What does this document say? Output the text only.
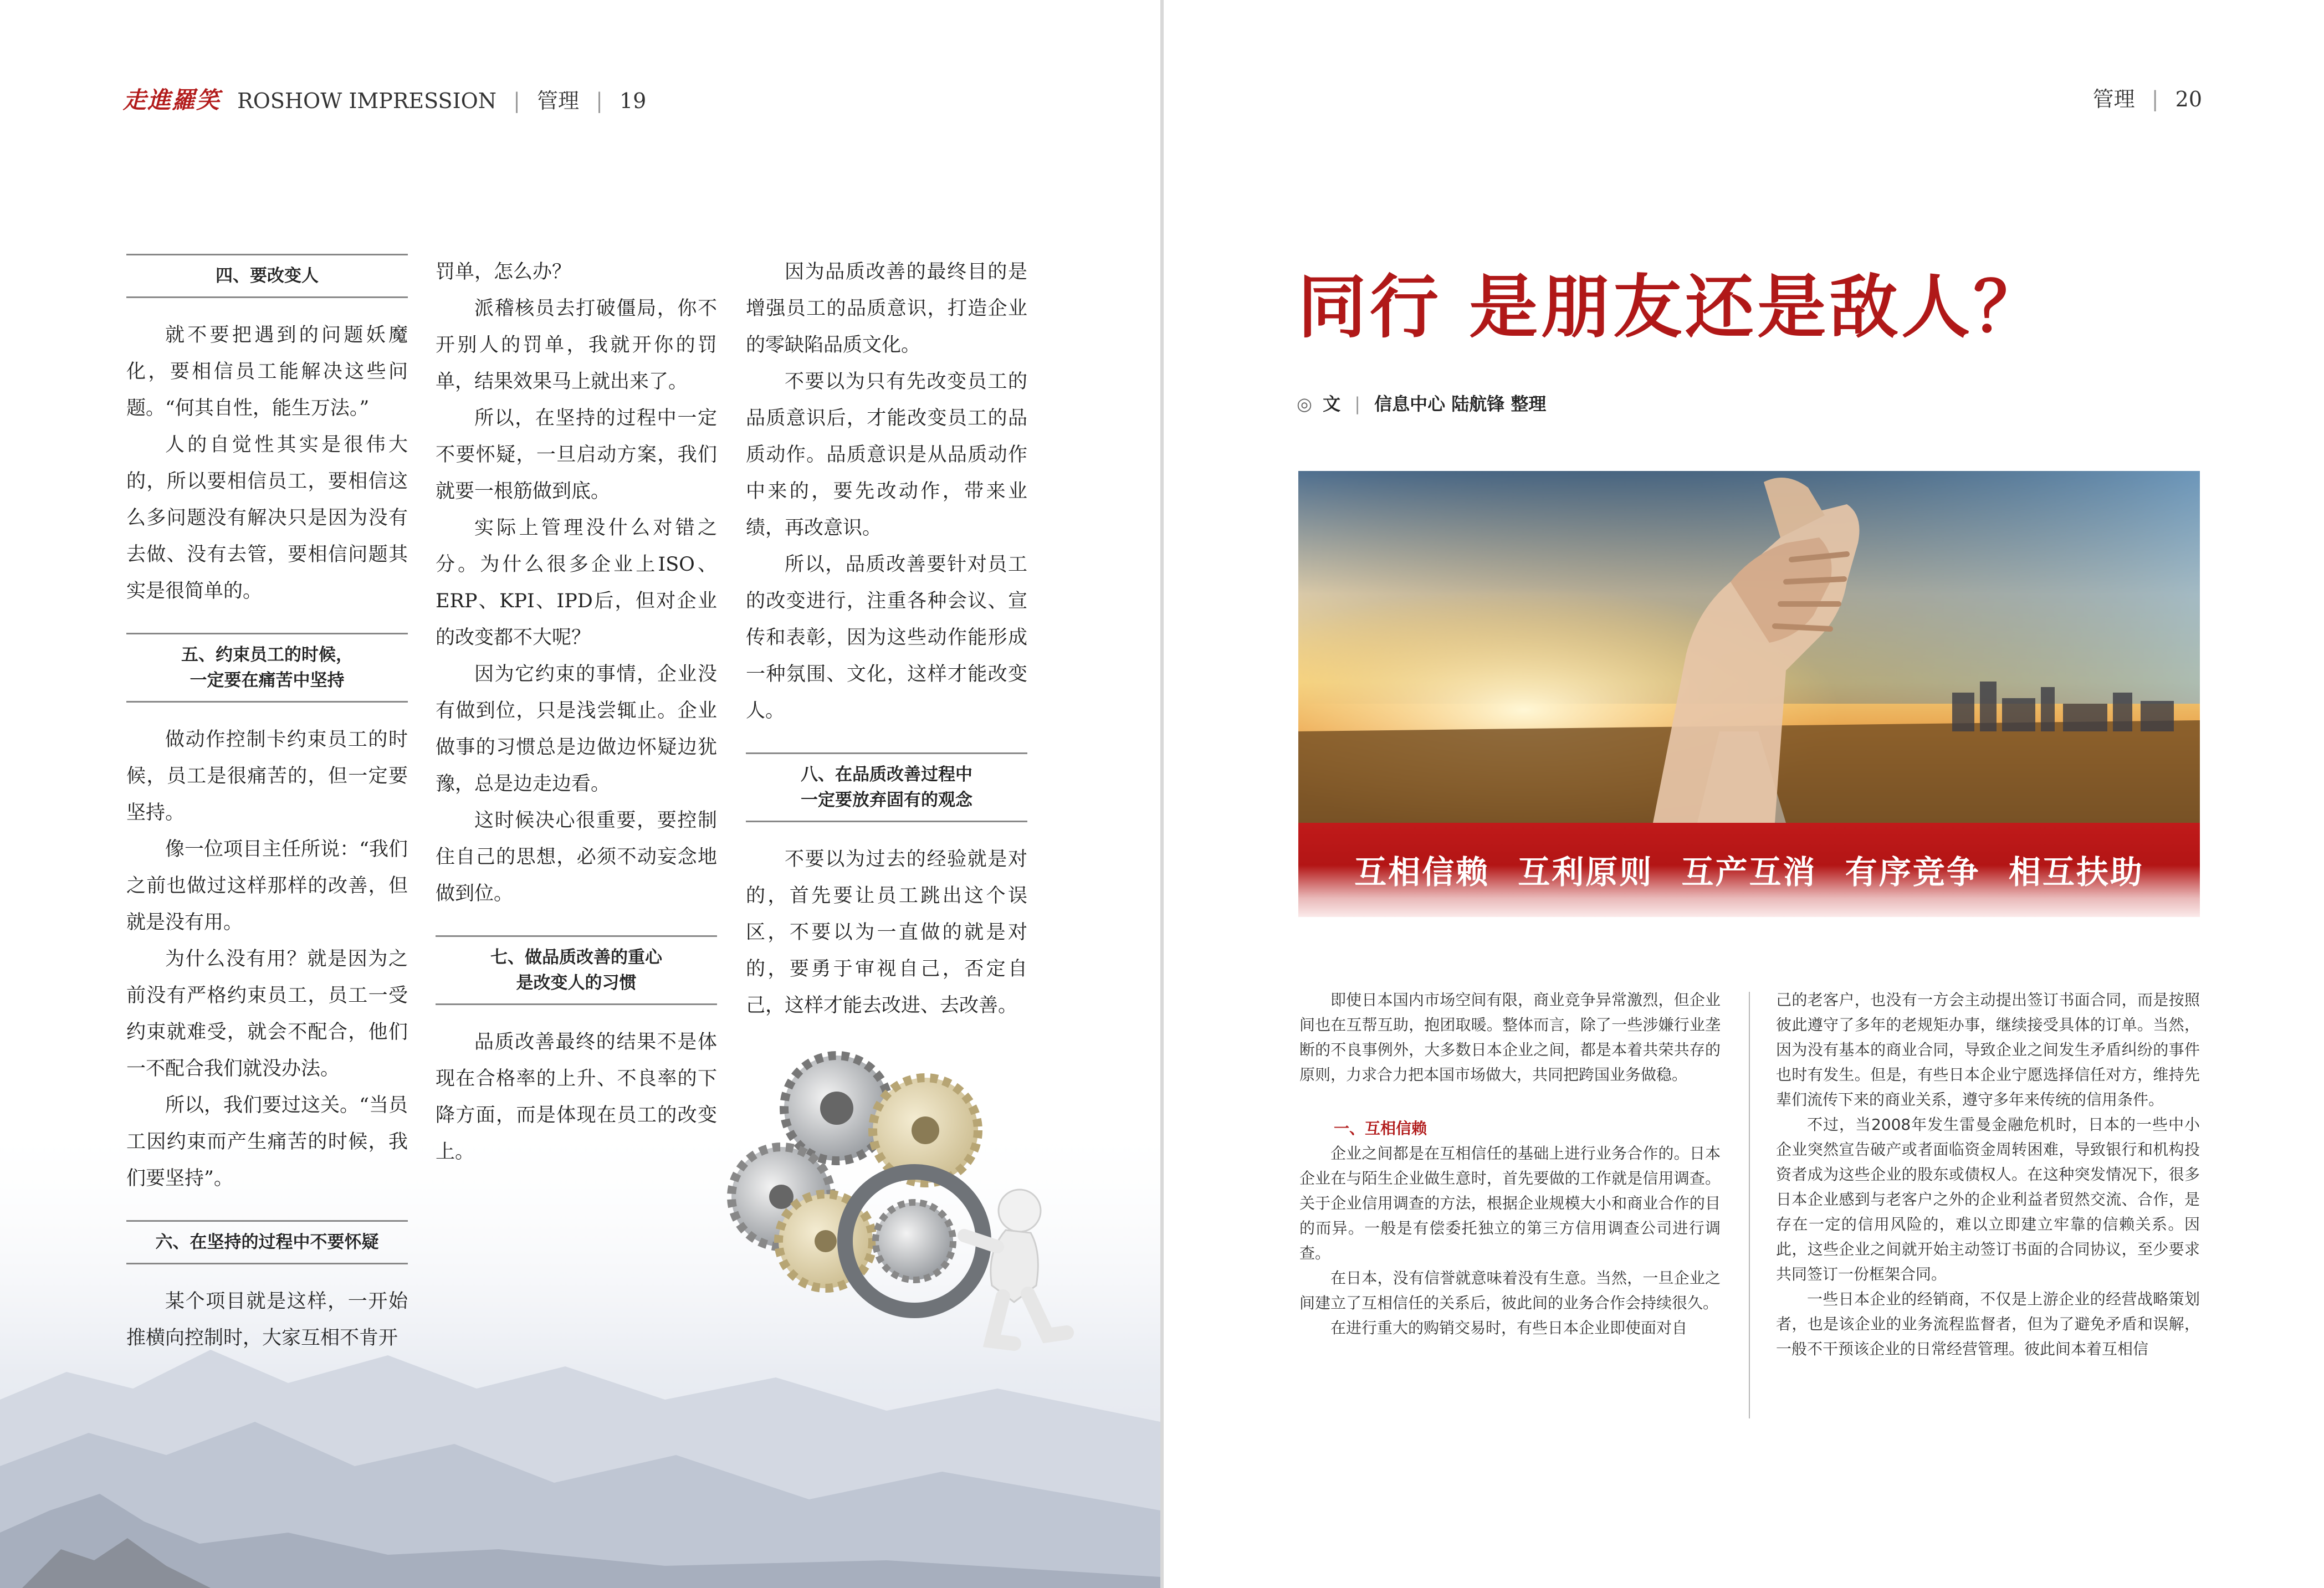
走進羅笑 ROSHOW IMPRESSION | 管理 | 19
四、要改变人

就不要把遇到的问题妖魔化，要相信员工能解决这些问题。“何其自性，能生万法。”

人的自觉性其实是很伟大的，所以要相信员工，要相信这么多问题没有解决只是因为没有去做、没有去管，要相信问题其实是很简单的。

五、约束员工的时候，
一定要在痛苦中坚持

做动作控制卡约束员工的时候，员工是很痛苦的，但一定要坚持。

像一位项目主任所说：“我们之前也做过这样那样的改善，但就是没有用。

为什么没有用？就是因为之前没有严格约束员工，员工一受约束就难受，就会不配合，他们一不配合我们就没办法。

所以，我们要过这关。“当员工因约束而产生痛苦的时候，我们要坚持”。

六、在坚持的过程中不要怀疑

某个项目就是这样，一开始推横向控制时，大家互相不肯开

罚单，怎么办？

派稽核员去打破僵局，你不开别人的罚单，我就开你的罚单，结果效果马上就出来了。

所以，在坚持的过程中一定不要怀疑，一旦启动方案，我们就要一根筋做到底。

实际上管理没什么对错之分。为什么很多企业上ISO、ERP、KPI、IPD后，但对企业的改变都不大呢？

因为它约束的事情，企业没有做到位，只是浅尝辄止。企业做事的习惯总是边做边怀疑边犹豫，总是边走边看。

这时候决心很重要，要控制住自己的思想，必须不动妄念地做到位。

七、做品质改善的重心
是改变人的习惯

品质改善最终的结果不是体现在合格率的上升、不良率的下降方面，而是体现在员工的改变上。

因为品质改善的最终目的是增强员工的品质意识，打造企业的零缺陷品质文化。

不要以为只有先改变员工的品质意识后，才能改变员工的品质动作。品质意识是从品质动作中来的，要先改动作，带来业绩，再改意识。

所以，品质改善要针对员工的改变进行，注重各种会议、宣传和表彰，因为这些动作能形成一种氛围、文化，这样才能改变人。

八、在品质改善过程中
一定要放弃固有的观念

不要以为过去的经验就是对的，首先要让员工跳出这个误区，不要以为一直做的就是对的，要勇于审视自己，否定自己，这样才能去改进、去改善。

管理 | 20
同行 是朋友还是敌人？
◎ 文 | 信息中心 陆航锋 整理
互相信赖 互利原则 互产互消 有序竞争 相互扶助

即使日本国内市场空间有限，商业竞争异常激烈，但企业间也在互帮互助，抱团取暖。整体而言，除了一些涉嫌行业垄断的不良事例外，大多数日本企业之间，都是本着共荣共存的原则，力求合力把本国市场做大，共同把跨国业务做稳。

一、互相信赖

企业之间都是在互相信任的基础上进行业务合作的。日本企业在与陌生企业做生意时，首先要做的工作就是信用调查。关于企业信用调查的方法，根据企业规模大小和商业合作的目的而异。一般是有偿委托独立的第三方信用调查公司进行调查。

在日本，没有信誉就意味着没有生意。当然，一旦企业之间建立了互相信任的关系后，彼此间的业务合作会持续很久。

在进行重大的购销交易时，有些日本企业即使面对自

己的老客户，也没有一方会主动提出签订书面合同，而是按照彼此遵守了多年的老规矩办事，继续接受具体的订单。当然，因为没有基本的商业合同，导致企业之间发生矛盾纠纷的事件也时有发生。但是，有些日本企业宁愿选择信任对方，维持先辈们流传下来的商业关系，遵守多年来传统的信用条件。

不过，当2008年发生雷曼金融危机时，日本的一些中小企业突然宣告破产或者面临资金周转困难，导致银行和机构投资者成为这些企业的股东或债权人。在这种突发情况下，很多日本企业感到与老客户之外的企业利益者贸然交流、合作，是存在一定的信用风险的，难以立即建立牢靠的信赖关系。因此，这些企业之间就开始主动签订书面的合同协议，至少要求共同签订一份框架合同。

一些日本企业的经销商，不仅是上游企业的经营战略策划者，也是该企业的业务流程监督者，但为了避免矛盾和误解，一般不干预该企业的日常经营管理。彼此间本着互相信
